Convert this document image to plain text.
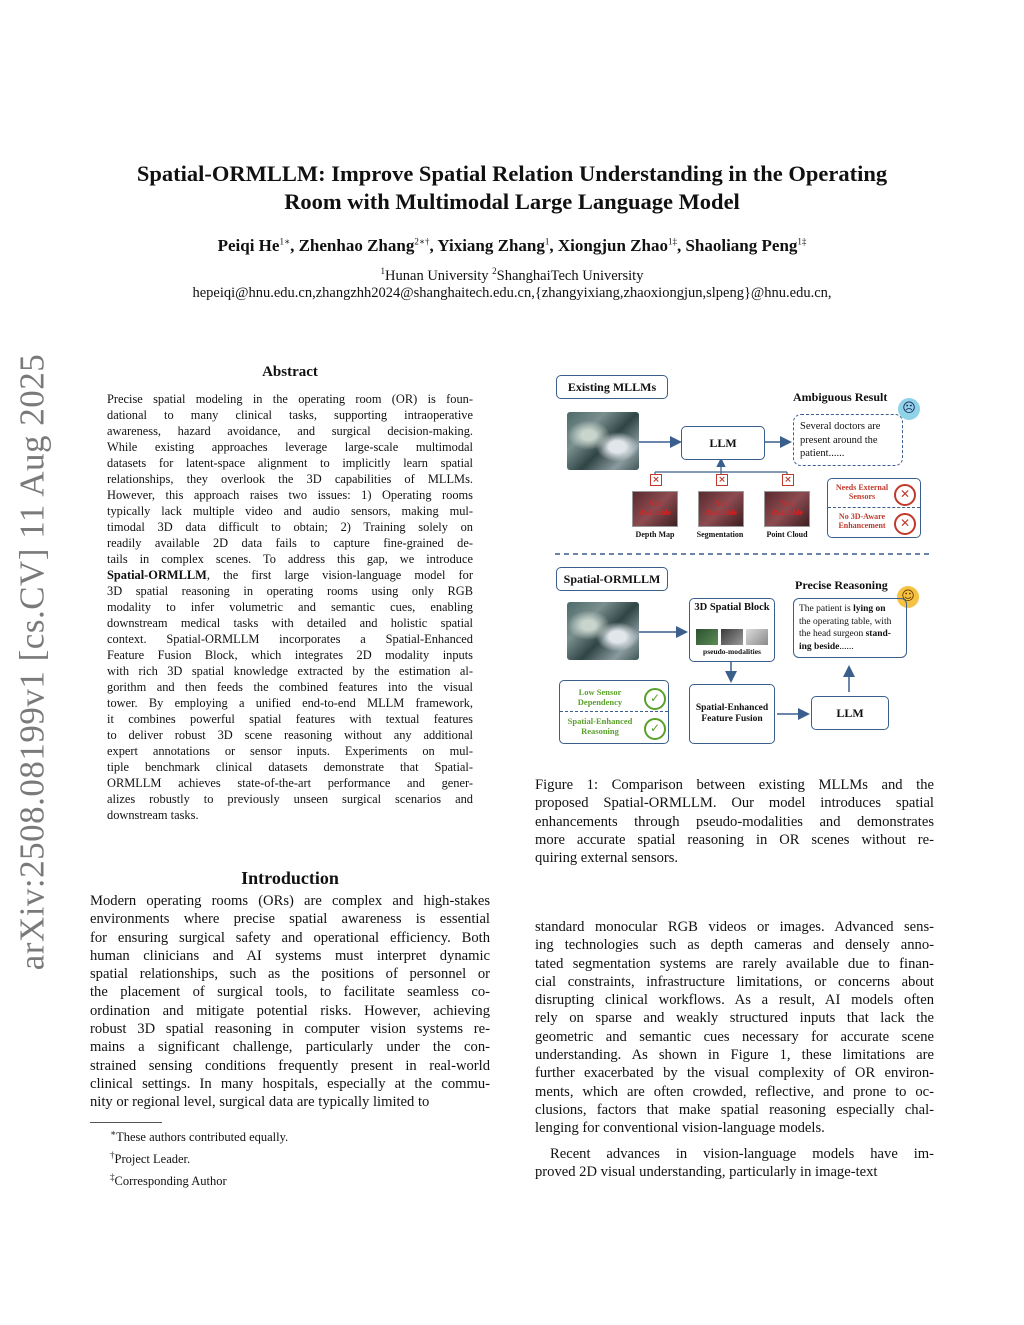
arXiv:2508.08199v1 [cs.CV] 11 Aug 2025
Spatial-ORMLLM: Improve Spatial Relation Understanding in the Operating
Room with Multimodal Large Language Model
Peiqi $He^{1∗}$, Zhenhao Zhang$^{2∗\dagger}$, Yixiang Zhang$^1$, Xiongjun Zhao$^{1\ddagger}$, Shaoliang Peng$^{1\ddagger}$
$^1$Hunan University $^2$ShanghaiTech University
hepeiqi@hnu.edu.cn,zhangzhh2024@shanghaitech.edu.cn,{zhangyixiang,zhaoxiongjun,slpeng}@hnu.edu.cn,
Abstract
Precise spatial modeling in the operating room (OR) is foun-
dational to many clinical tasks, supporting intraoperative
awareness, hazard avoidance, and surgical decision-making.
While existing approaches leverage large-scale multimodal
datasets for latent-space alignment to implicitly learn spatial
relationships, they overlook the 3D capabilities of MLLMs.
However, this approach raises two issues: 1) Operating rooms
typically lack multiple video and audio sensors, making mul-
timodal 3D data difficult to obtain; 2) Training solely on
readily available 2D data fails to capture fine-grained de-
tails in complex scenes. To address this gap, we introduce
Spatial-ORMLLM, the first large vision-language model for
3D spatial reasoning in operating rooms using only RGB
modality to infer volumetric and semantic cues, enabling
downstream medical tasks with detailed and holistic spatial
context. Spatial-ORMLLM incorporates a Spatial-Enhanced
Feature Fusion Block, which integrates 2D modality inputs
with rich 3D spatial knowledge extracted by the estimation al-
gorithm and then feeds the combined features into the visual
tower. By employing a unified end-to-end MLLM framework,
it combines powerful spatial features with textual features
to deliver robust 3D scene reasoning without any additional
expert annotations or sensor inputs. Experiments on mul-
tiple benchmark clinical datasets demonstrate that Spatial-
ORMLLM achieves state-of-the-art performance and gener-
alizes robustly to previously unseen surgical scenarios and
downstream tasks.
Introduction
Modern operating rooms (ORs) are complex and high-stakes
environments where precise spatial awareness is essential
for ensuring surgical safety and operational efficiency. Both
human clinicians and AI systems must interpret dynamic
spatial relationships, such as the positions of personnel or
the placement of surgical tools, to facilitate seamless co-
ordination and mitigate potential risks. However, achieving
robust 3D spatial reasoning in computer vision systems re-
mains a significant challenge, particularly under the con-
strained sensing conditions frequently present in real-world
clinical settings. In many hospitals, especially at the commu-
nity or regional level, surgical data are typically limited to
∗These authors contributed equally.
†Project Leader.
‡Corresponding Author
Existing MLLMs
Ambiguous Result
☹
LLM
Several doctors are
present around the
patient......
×	×	×
Not Available
Not Available
Not Available
Depth Map	Segmentation	Point Cloud
Needs External Sensors	✕
No 3D-Aware Enhancement	✕
Spatial-ORMLLM	Precise Reasoning
☺
3D Spatial Block
pseudo-modalities
The patient is lying on
the operating table, with
the head surgeon stand-
ing beside......
Low Sensor Dependency	✓
Spatial-Enhanced Reasoning	✓
Spatial-Enhanced Feature Fusion	LLM
Figure 1: Comparison between existing MLLMs and the
proposed Spatial-ORMLLM. Our model introduces spatial
enhancements through pseudo-modalities and demonstrates
more accurate spatial reasoning in OR scenes without re-
quiring external sensors.
standard monocular RGB videos or images. Advanced sens-
ing technologies such as depth cameras and densely anno-
tated segmentation systems are rarely available due to finan-
cial constraints, infrastructure limitations, or concerns about
disrupting clinical workflows. As a result, AI models often
rely on sparse and weakly structured inputs that lack the
geometric and semantic cues necessary for accurate scene
understanding. As shown in Figure 1, these limitations are
further exacerbated by the visual complexity of OR environ-
ments, which are often crowded, reflective, and prone to oc-
clusions, factors that make spatial reasoning especially chal-
lenging for conventional vision-language models.
Recent advances in vision-language models have im-
proved 2D visual understanding, particularly in image-text
